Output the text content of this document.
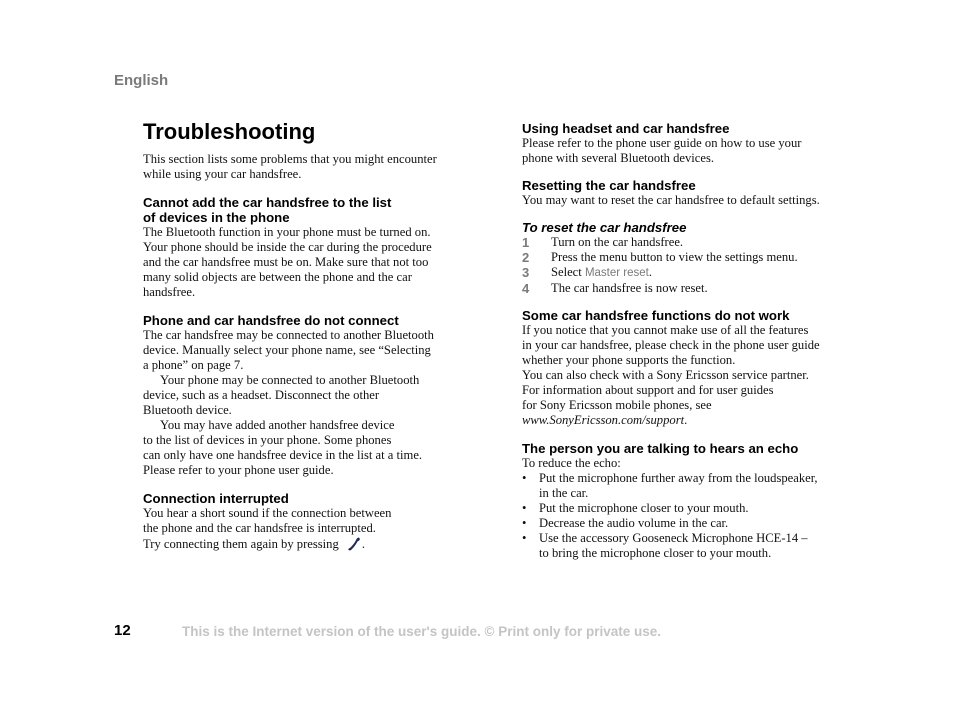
English
Troubleshooting

This section lists some problems that you might encounter
while using your car handsfree.

Cannot add the car handsfree to the list
of devices in the phone

The Bluetooth function in your phone must be turned on.
Your phone should be inside the car during the procedure
and the car handsfree must be on. Make sure that not too
many solid objects are between the phone and the car
handsfree.

Phone and car handsfree do not connect

The car handsfree may be connected to another Bluetooth
device. Manually select your phone name, see “Selecting
a phone” on page 7.

Your phone may be connected to another Bluetooth
device, such as a headset. Disconnect the other
Bluetooth device.

You may have added another handsfree device
to the list of devices in your phone. Some phones
can only have one handsfree device in the list at a time.
Please refer to your phone user guide.

Connection interrupted

You hear a short sound if the connection between
the phone and the car handsfree is interrupted.
Try connecting them again by pressing .

Using headset and car handsfree

Please refer to the phone user guide on how to use your
phone with several Bluetooth devices.

Resetting the car handsfree

You may want to reset the car handsfree to default settings.

To reset the car handsfree
1 Turn on the car handsfree.
2 Press the menu button to view the settings menu.
3 Select Master reset.
4 The car handsfree is now reset.
Some car handsfree functions do not work

If you notice that you cannot make use of all the features
in your car handsfree, please check in the phone user guide
whether your phone supports the function.
You can also check with a Sony Ericsson service partner.
For information about support and for user guides
for Sony Ericsson mobile phones, see
www.SonyEricsson.com/support.

The person you are talking to hears an echo

To reduce the echo:

• Put the microphone further away from the loudspeaker,
in the car.
• Put the microphone closer to your mouth.
• Decrease the audio volume in the car.
• Use the accessory Gooseneck Microphone HCE-14 –
to bring the microphone closer to your mouth.
12	This is the Internet version of the user's guide. © Print only for private use.
